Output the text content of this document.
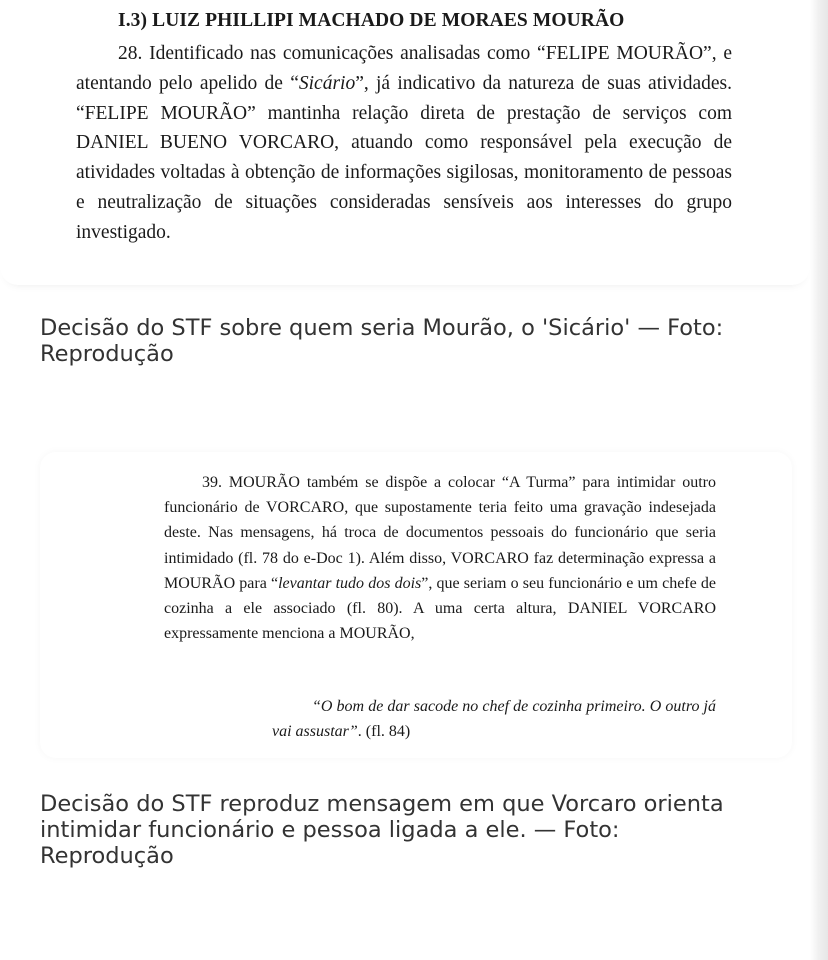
I.3) LUIZ PHILLIPI MACHADO DE MORAES MOURÃO
28. Identificado nas comunicações analisadas como “FELIPE MOURÃO”, e atentando pelo apelido de “Sicário”, já indicativo da natureza de suas atividades. “FELIPE MOURÃO” mantinha relação direta de prestação de serviços com DANIEL BUENO VORCARO, atuando como responsável pela execução de atividades voltadas à obtenção de informações sigilosas, monitoramento de pessoas e neutralização de situações consideradas sensíveis aos interesses do grupo investigado.
Decisão do STF sobre quem seria Mourão, o 'Sicário' — Foto: Reprodução
39. MOURÃO também se dispõe a colocar “A Turma” para intimidar outro funcionário de VORCARO, que supostamente teria feito uma gravação indesejada deste. Nas mensagens, há troca de documentos pessoais do funcionário que seria intimidado (fl. 78 do e-Doc 1). Além disso, VORCARO faz determinação expressa a MOURÃO para “levantar tudo dos dois”, que seriam o seu funcionário e um chefe de cozinha a ele associado (fl. 80). A uma certa altura, DANIEL VORCARO expressamente menciona a MOURÃO,
“O bom de dar sacode no chef de cozinha primeiro. O outro já vai assustar”. (fl. 84)
Decisão do STF reproduz mensagem em que Vorcaro orienta intimidar funcionário e pessoa ligada a ele. — Foto: Reprodução
